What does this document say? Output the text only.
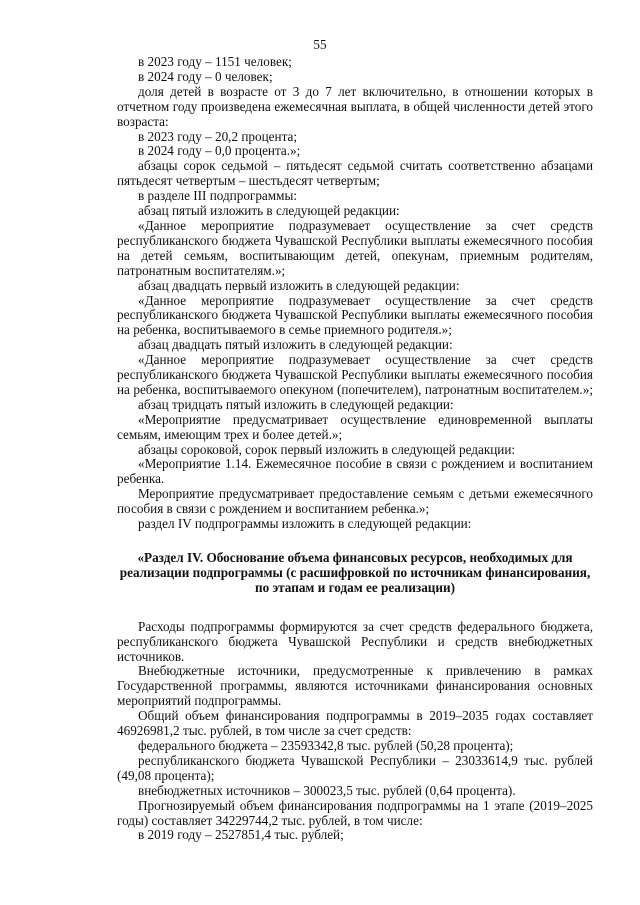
55

в 2023 году – 1151 человек;

в 2024 году – 0 человек;

доля детей в возрасте от 3 до 7 лет включительно, в отношении которых в отчетном году произведена ежемесячная выплата, в общей численности детей этого возраста:

в 2023 году – 20,2 процента;

в 2024 году – 0,0 процента.»;

абзацы сорок седьмой – пятьдесят седьмой считать соответственно абзацами пятьдесят четвертым – шестьдесят четвертым;

в разделе III подпрограммы:

абзац пятый изложить в следующей редакции:

«Данное мероприятие подразумевает осуществление за счет средств республиканского бюджета Чувашской Республики выплаты ежемесячного пособия на детей семьям, воспитывающим детей, опекунам, приемным родителям, патронатным воспитателям.»;

абзац двадцать первый изложить в следующей редакции:

«Данное мероприятие подразумевает осуществление за счет средств республиканского бюджета Чувашской Республики выплаты ежемесячного пособия на ребенка, воспитываемого в семье приемного родителя.»;

абзац двадцать пятый изложить в следующей редакции:

«Данное мероприятие подразумевает осуществление за счет средств республиканского бюджета Чувашской Республики выплаты ежемесячного пособия на ребенка, воспитываемого опекуном (попечителем), патронатным воспитателем.»;

абзац тридцать пятый изложить в следующей редакции:

«Мероприятие предусматривает осуществление единовременной выплаты семьям, имеющим трех и более детей.»;

абзацы сороковой, сорок первый изложить в следующей редакции:

«Мероприятие 1.14. Ежемесячное пособие в связи с рождением и воспитанием ребенка.

Мероприятие предусматривает предоставление семьям с детьми ежемесячного пособия в связи с рождением и воспитанием ребенка.»;

раздел IV подпрограммы изложить в следующей редакции:

«Раздел IV. Обоснование объема финансовых ресурсов, необходимых для реализации подпрограммы (с расшифровкой по источникам финансирования, по этапам и годам ее реализации)

Расходы подпрограммы формируются за счет средств федерального бюджета, республиканского бюджета Чувашской Республики и средств внебюджетных источников.

Внебюджетные источники, предусмотренные к привлечению в рамках Государственной программы, являются источниками финансирования основных мероприятий подпрограммы.

Общий объем финансирования подпрограммы в 2019–2035 годах составляет 46926981,2 тыс. рублей, в том числе за счет средств:

федерального бюджета – 23593342,8 тыс. рублей (50,28 процента);

республиканского бюджета Чувашской Республики – 23033614,9 тыс. рублей (49,08 процента);

внебюджетных источников – 300023,5 тыс. рублей (0,64 процента).

Прогнозируемый объем финансирования подпрограммы на 1 этапе (2019–2025 годы) составляет 34229744,2 тыс. рублей, в том числе:

в 2019 году – 2527851,4 тыс. рублей;
